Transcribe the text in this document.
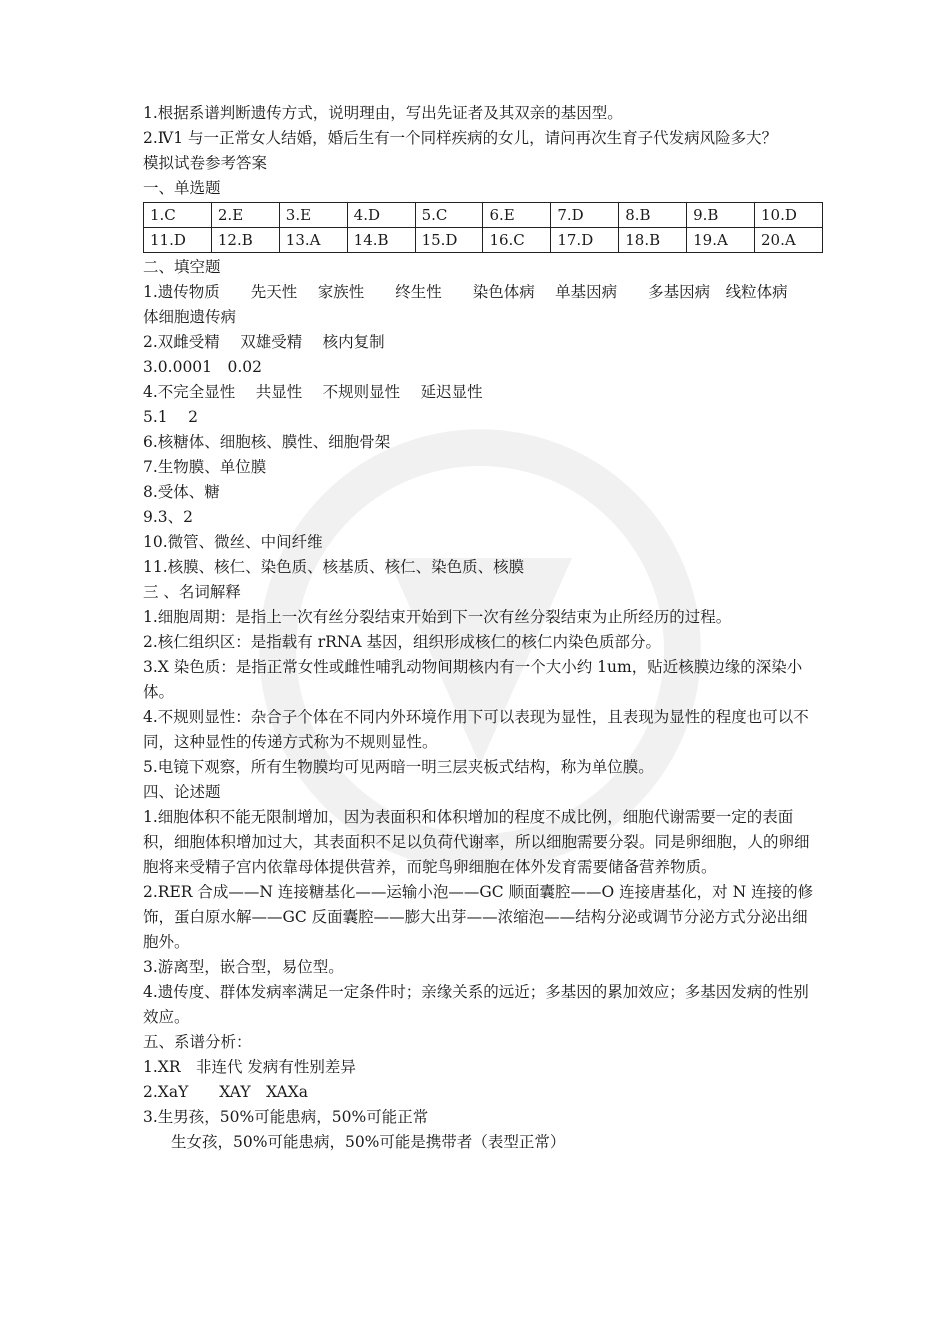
1.根据系谱判断遗传方式，说明理由，写出先证者及其双亲的基因型。

2.Ⅳ1 与一正常女人结婚，婚后生有一个同样疾病的女儿，请问再次生育子代发病风险多大？

模拟试卷参考答案

一、单选题

1.C	2.E	3.E	4.D	5.C	6.E	7.D	8.B	9.B	10.D
11.D	12.B	13.A	14.B	15.D	16.C	17.D	18.B	19.A	20.A

二、填空题

1.遗传物质　　先天性　 家族性　　终生性　　染色体病　 单基因病　　多基因病　线粒体病　体细胞遗传病

2.双雌受精　 双雄受精　 核内复制

3.0.0001　0.02

4.不完全显性　 共显性　 不规则显性　 延迟显性

5.1　 2

6.核糖体、细胞核、膜性、细胞骨架

7.生物膜、单位膜

8.受体、糖

9.3、2

10.微管、微丝、中间纤维

11.核膜、核仁、染色质、核基质、核仁、染色质、核膜

三 、名词解释

1.细胞周期：是指上一次有丝分裂结束开始到下一次有丝分裂结束为止所经历的过程。

2.核仁组织区：是指载有 rRNA 基因，组织形成核仁的核仁内染色质部分。

3.X 染色质：是指正常女性或雌性哺乳动物间期核内有一个大小约 1um，贴近核膜边缘的深染小体。

4.不规则显性：杂合子个体在不同内外环境作用下可以表现为显性，且表现为显性的程度也可以不同，这种显性的传递方式称为不规则显性。

5.电镜下观察，所有生物膜均可见两暗一明三层夹板式结构，称为单位膜。

四、论述题

1.细胞体积不能无限制增加，因为表面积和体积增加的程度不成比例，细胞代谢需要一定的表面积，细胞体积增加过大，其表面积不足以负荷代谢率，所以细胞需要分裂。同是卵细胞，人的卵细胞将来受精子宫内依靠母体提供营养，而鸵鸟卵细胞在体外发育需要储备营养物质。

2.RER 合成——N 连接糖基化——运输小泡——GC 顺面囊腔——O 连接唐基化，对 N 连接的修饰，蛋白原水解——GC 反面囊腔——膨大出芽——浓缩泡——结构分泌或调节分泌方式分泌出细胞外。

3.游离型，嵌合型，易位型。

4.遗传度、群体发病率满足一定条件时；亲缘关系的远近；多基因的累加效应；多基因发病的性别效应。

五、系谱分析：

1.XR　非连代 发病有性别差异

2.XaY　　XAY　XAXa

3.生男孩，50%可能患病，50%可能正常

生女孩，50%可能患病，50%可能是携带者（表型正常）
